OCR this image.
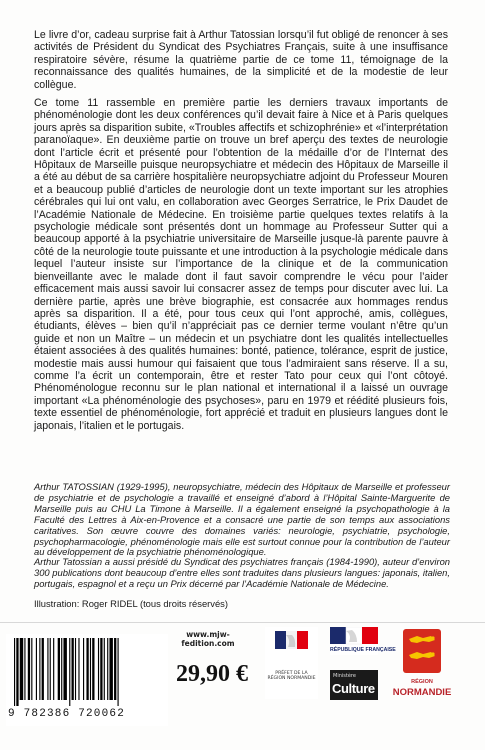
Le livre d’or, cadeau surprise fait à Arthur Tatossian lorsqu’il fut obligé de renoncer à ses activités de Président du Syndicat des Psychiatres Français, suite à une insuffisance respiratoire sévère, résume la quatrième partie de ce tome 11, témoignage de la reconnaissance des qualités humaines, de la simplicité et de la modestie de leur collègue.

Ce tome 11 rassemble en première partie les derniers travaux importants de phénoménologie dont les deux conférences qu’il devait faire à Nice et à Paris quelques jours après sa disparition subite, «Troubles affectifs et schizophrénie» et «l’interprétation paranoïaque». En deuxième partie on trouve un bref aperçu des textes de neurologie dont l’article écrit et présenté pour l’obtention de la médaille d’or de l’Internat des Hôpitaux de Marseille puisque neuropsychiatre et médecin des Hôpitaux de Marseille il a été au début de sa carrière hospitalière neuropsychiatre adjoint du Professeur Mouren et a beaucoup publié d’articles de neurologie dont un texte important sur les atrophies cérébrales qui lui ont valu, en collaboration avec Georges Serratrice, le Prix Daudet de l’Académie Nationale de Médecine. En troisième partie quelques textes relatifs à la psychologie médicale sont présentés dont un hommage au Professeur Sutter qui a beaucoup apporté à la psychiatrie universitaire de Marseille jusque-là parente pauvre à côté de la neurologie toute puissante et une introduction à la psychologie médicale dans lequel l’auteur insiste sur l’importance de la clinique et de la communication bienveillante avec le malade dont il faut savoir comprendre le vécu pour l’aider efficacement mais aussi savoir lui consacrer assez de temps pour discuter avec lui. La dernière partie, après une brève biographie, est consacrée aux hommages rendus après sa disparition. Il a été, pour tous ceux qui l’ont approché, amis, collègues, étudiants, élèves – bien qu’il n’appréciait pas ce dernier terme voulant n’être qu’un guide et non un Maître – un médecin et un psychiatre dont les qualités intellectuelles étaient associées à des qualités humaines: bonté, patience, tolérance, esprit de justice, modestie mais aussi humour qui faisaient que tous l’admiraient sans réserve. Il a su, comme l’a écrit un contemporain, être et rester Tato pour ceux qui l’ont côtoyé. Phénoménologue reconnu sur le plan national et international il a laissé un ouvrage important «La phénoménologie des psychoses», paru en 1979 et réédité plusieurs fois, texte essentiel de phénoménologie, fort apprécié et traduit en plusieurs langues dont le japonais, l’italien et le portugais.

Arthur TATOSSIAN (1929-1995), neuropsychiatre, médecin des Hôpitaux de Marseille et professeur de psychiatrie et de psychologie a travaillé et enseigné d’abord à l’Hôpital Sainte-Marguerite de Marseille puis au CHU La Timone à Marseille. Il a également enseigné la psychopathologie à la Faculté des Lettres à Aix-en-Provence et a consacré une partie de son temps aux associations caritatives. Son œuvre couvre des domaines variés: neurologie, psychiatrie, psychologie, psychopharmacologie, phénoménologie mais elle est surtout connue pour la contribution de l’auteur au développement de la psychiatrie phénoménologique.

Arthur Tatossian a aussi présidé du Syndicat des psychiatres français (1984-1990), auteur d’environ 300 publications dont beaucoup d’entre elles sont traduites dans plusieurs langues: japonais, italien, portugais, espagnol et a reçu un Prix décerné par l’Académie Nationale de Médecine.

Illustration: Roger RIDEL (tous droits réservés)

9 782386 720062
www.mjw-fedition.com
29,90 €	PRÉFET DE LA RÉGION NORMANDIE
RÉPUBLIQUE FRANÇAISE
Ministère
Culture	RÉGION
NORMANDIE
